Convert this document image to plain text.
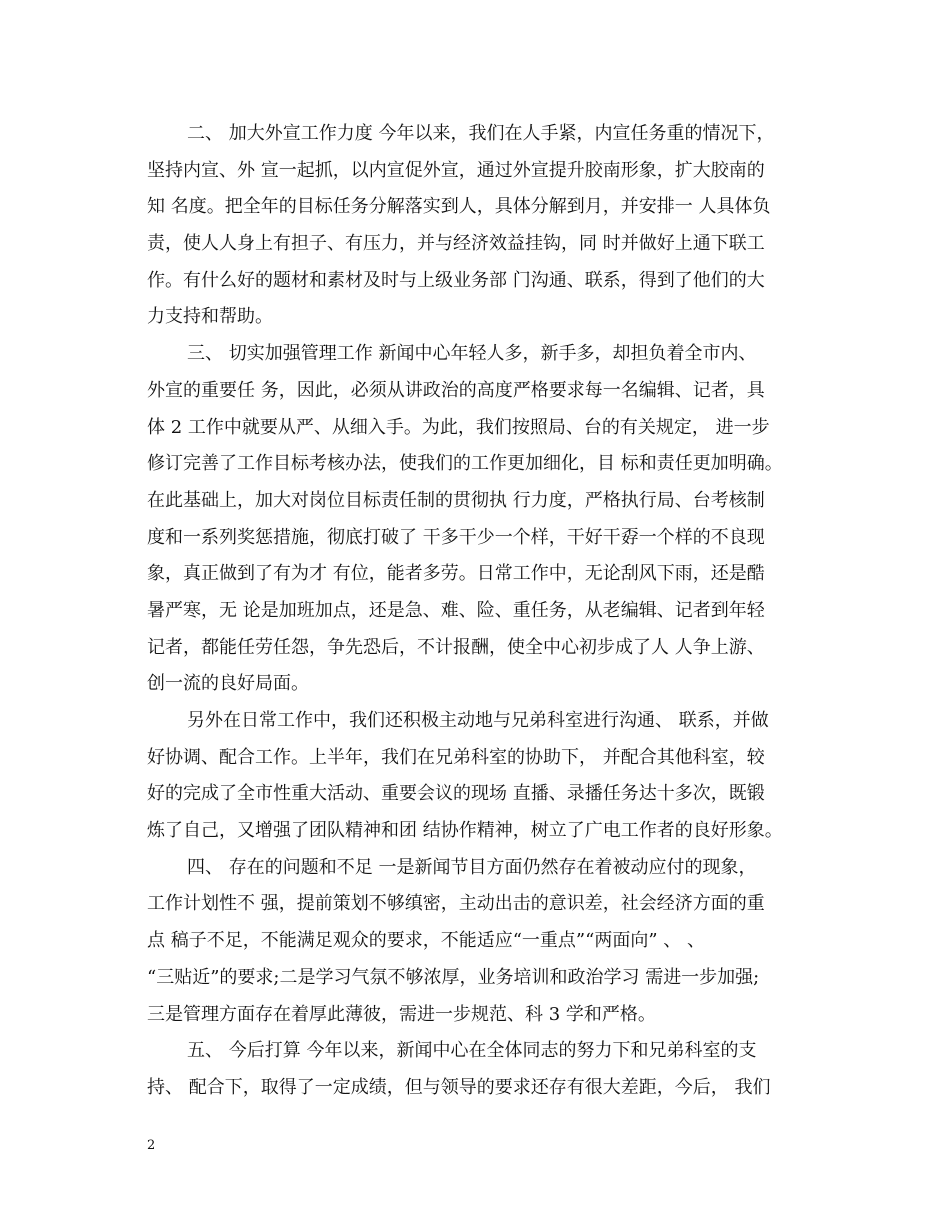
二、 加大外宣工作力度 今年以来，我们在人手紧，内宣任务重的情况下，
坚持内宣、外 宣一起抓，以内宣促外宣，通过外宣提升胶南形象，扩大胶南的
知 名度。把全年的目标任务分解落实到人，具体分解到月，并安排一 人具体负
责，使人人身上有担子、有压力，并与经济效益挂钩，同 时并做好上通下联工
作。有什么好的题材和素材及时与上级业务部 门沟通、联系，得到了他们的大
力支持和帮助。
三、 切实加强管理工作 新闻中心年轻人多，新手多，却担负着全市内、
外宣的重要任 务，因此，必须从讲政治的高度严格要求每一名编辑、记者，具
体 2 工作中就要从严、从细入手。为此，我们按照局、台的有关规定， 进一步
修订完善了工作目标考核办法，使我们的工作更加细化，目 标和责任更加明确。
在此基础上，加大对岗位目标责任制的贯彻执 行力度，严格执行局、台考核制
度和一系列奖惩措施，彻底打破了 干多干少一个样，干好干孬一个样的不良现
象，真正做到了有为才 有位，能者多劳。日常工作中，无论刮风下雨，还是酷
暑严寒，无 论是加班加点，还是急、难、险、重任务，从老编辑、记者到年轻
记者，都能任劳任怨，争先恐后，不计报酬，使全中心初步成了人 人争上游、
创一流的良好局面。
另外在日常工作中，我们还积极主动地与兄弟科室进行沟通、 联系，并做
好协调、配合工作。上半年，我们在兄弟科室的协助下， 并配合其他科室，较
好的完成了全市性重大活动、重要会议的现场 直播、录播任务达十多次，既锻
炼了自己，又增强了团队精神和团 结协作精神，树立了广电工作者的良好形象。
四、 存在的问题和不足 一是新闻节目方面仍然存在着被动应付的现象，
工作计划性不 强，提前策划不够缜密，主动出击的意识差，社会经济方面的重
点 稿子不足，不能满足观众的要求，不能适应“一重点”“两面向” 、 、
“三贴近”的要求;二是学习气氛不够浓厚，业务培训和政治学习 需进一步加强;
三是管理方面存在着厚此薄彼，需进一步规范、科 3 学和严格。
五、 今后打算 今年以来，新闻中心在全体同志的努力下和兄弟科室的支
持、 配合下，取得了一定成绩，但与领导的要求还存有很大差距，今后， 我们
2
